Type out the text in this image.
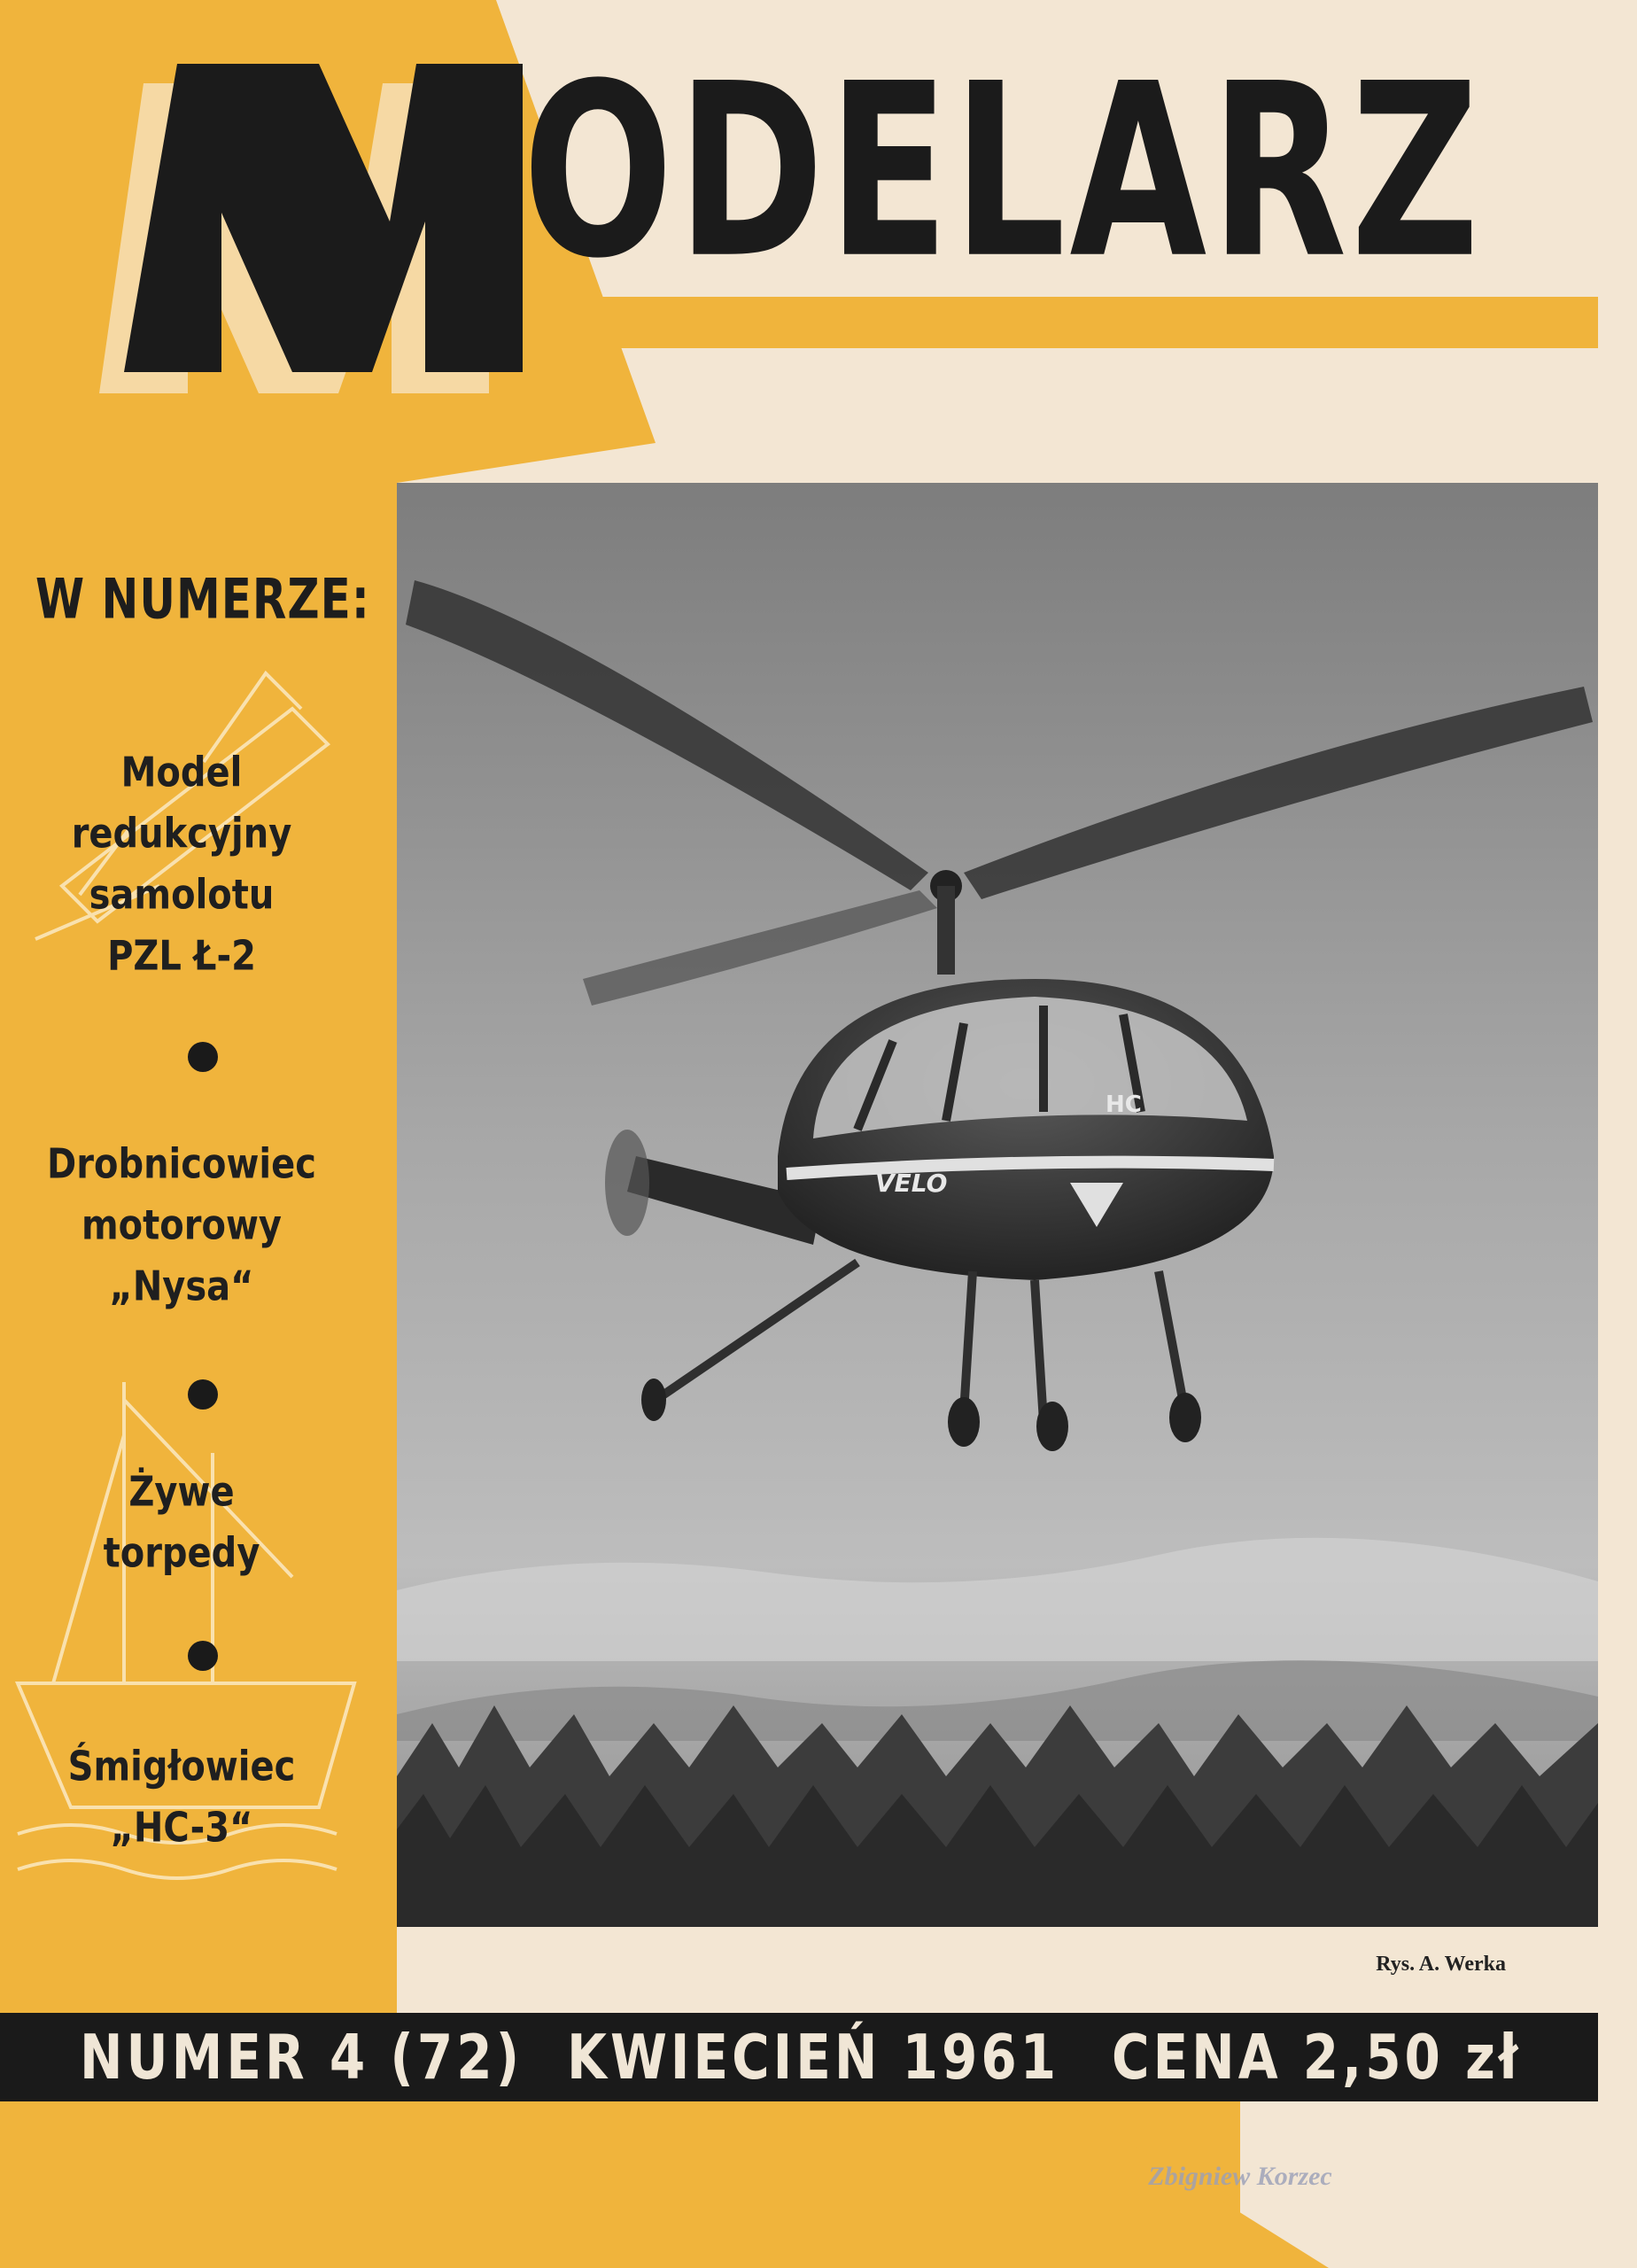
O D E L A R Z
W NUMERZE:
Model
redukcyjny
samolotu
PZL Ł-2
Drobnicowiec
motorowy
„Nysa“
Żywe
torpedy
Śmigłowiec
„HC-3“
VELO
HC
Rys. A. Werka
NUMER 4 (72) KWIECIEŃ 1961 CENA 2,50 zł
Zbigniew Korzec
